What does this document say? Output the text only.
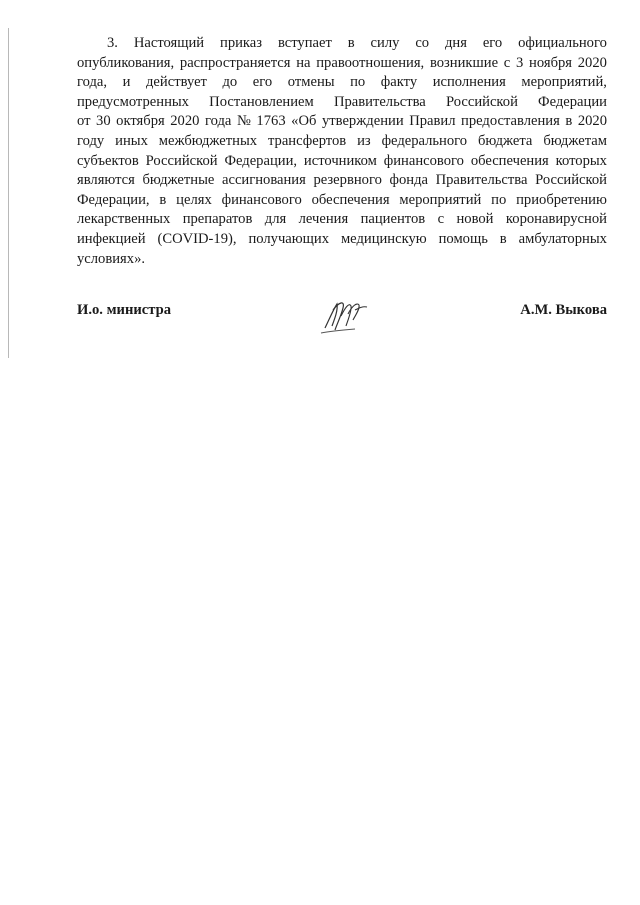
3. Настоящий приказ вступает в силу со дня его официального
опубликования, распространяется на правоотношения, возникшие с 3 ноября 2020
года, и действует до его отмены по факту исполнения мероприятий,
предусмотренных Постановлением Правительства Российской Федерации
от 30 октября 2020 года № 1763 «Об утверждении Правил предоставления в 2020
году иных межбюджетных трансфертов из федерального бюджета бюджетам
субъектов Российской Федерации, источником финансового обеспечения которых
являются бюджетные ассигнования резервного фонда Правительства Российской
Федерации, в целях финансового обеспечения мероприятий по приобретению
лекарственных препаратов для лечения пациентов с новой коронавирусной
инфекцией (COVID-19), получающих медицинскую помощь в амбулаторных
условиях».
И.о. министра	А.М. Выкова
